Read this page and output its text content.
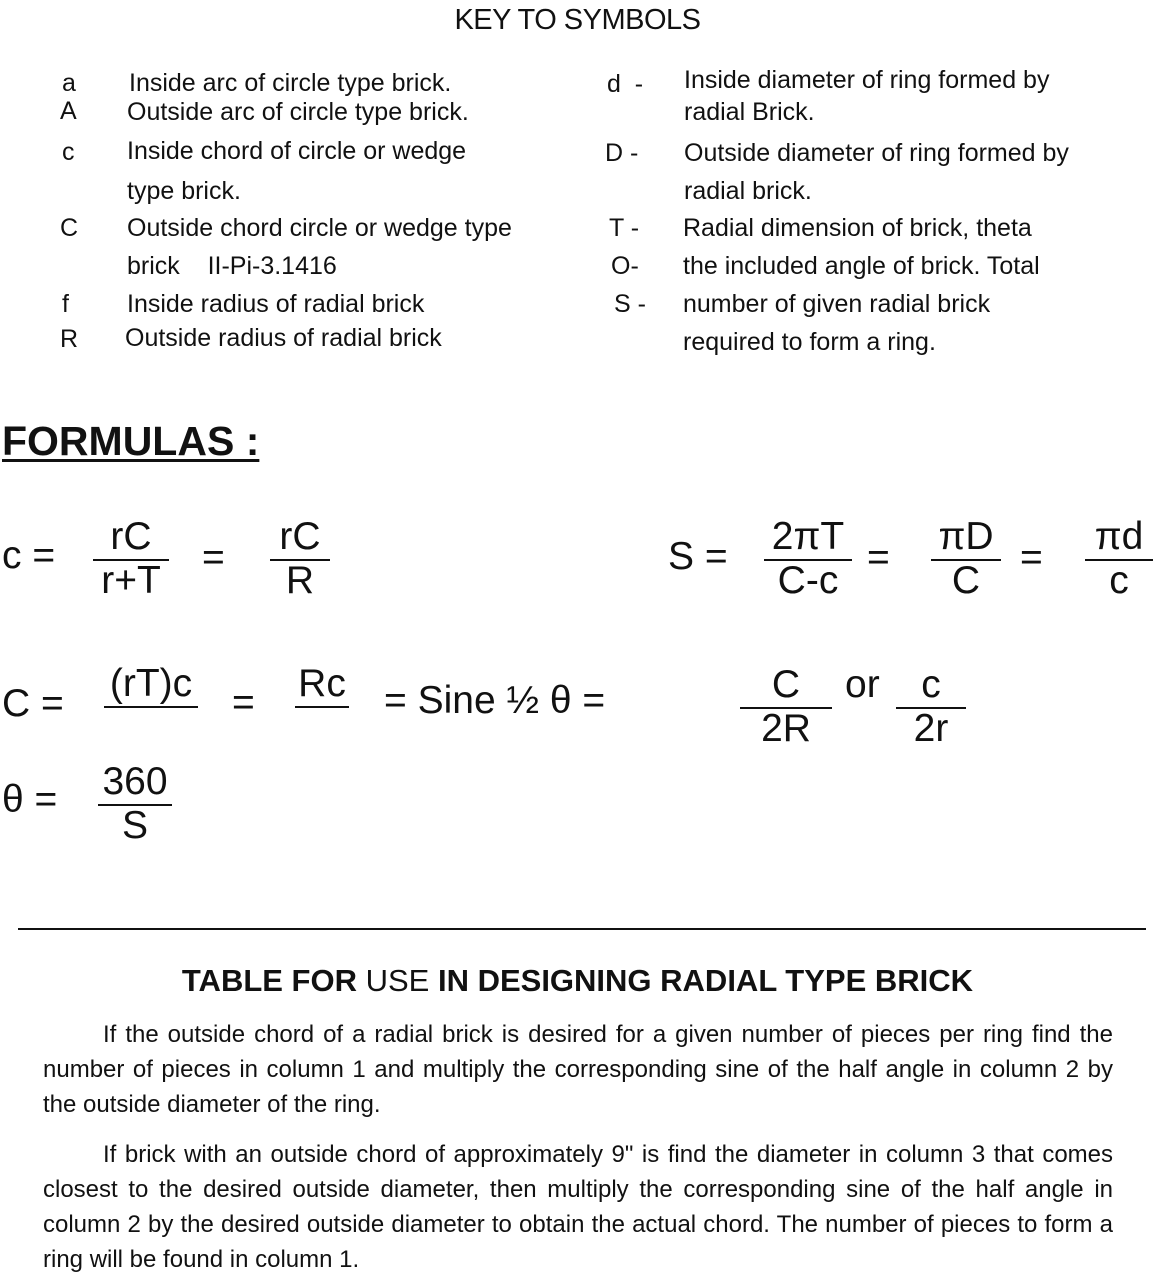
KEY TO SYMBOLS
a Inside arc of circle type brick.
A Outside arc of circle type brick.
c Inside chord of circle or wedge
type brick.
C Outside chord circle or wedge type
brick    II-Pi-3.1416
f Inside radius of radial brick
R Outside radius of radial brick
d  - Inside diameter of ring formed by
radial Brick.
D - Outside diameter of ring formed by
radial brick.
T - Radial dimension of brick, theta
O- the included angle of brick. Total
S - number of given radial brick
required to form a ring.
FORMULAS :
c =	rC
r+T
= rC
R
S = 2πT
C-c
= πD
C
= πd
c
C = (rT)c = Rc = Sine ½ θ =	C
2R
or	c
2r
θ = 360
S
TABLE FOR USE IN DESIGNING RADIAL TYPE BRICK
If the outside chord of a radial brick is desired for a given number of pieces per ring find the number of pieces in column 1 and multiply the corresponding sine of the half angle in column 2 by the outside diameter of the ring.
If brick with an outside chord of approximately 9" is find the diameter in column 3 that comes closest to the desired outside diameter, then multiply the corresponding sine of the half angle in column 2 by the desired outside diameter to obtain the actual chord. The number of pieces to form a ring will be found in column 1.
